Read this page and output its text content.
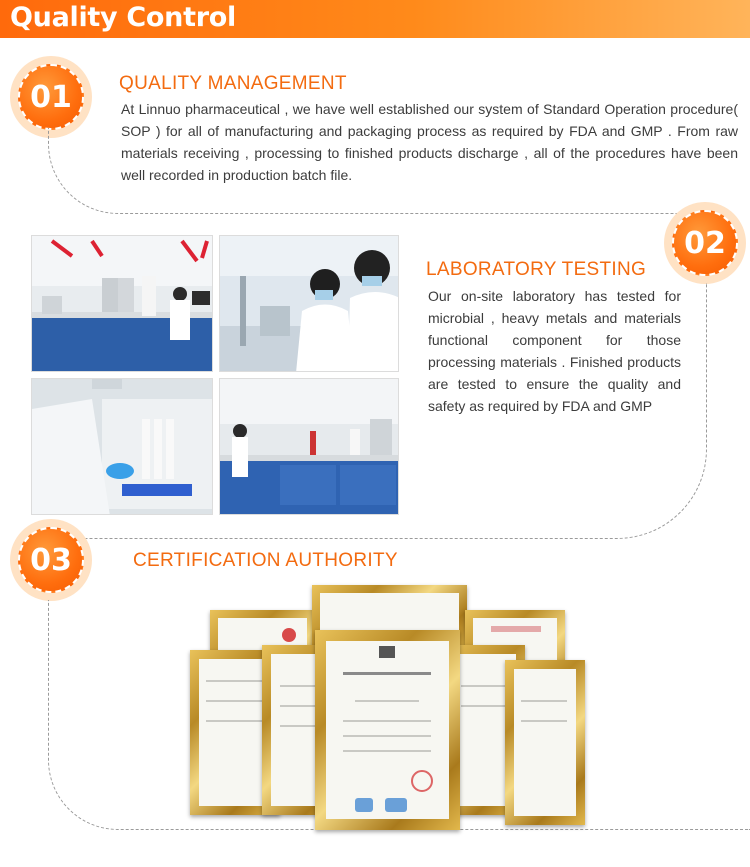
Quality Control
01	QUALITY MANAGEMENT
At Linnuo pharmaceutical , we have well established our system of Standard Operation procedure( SOP ) for all of manufacturing and packaging process as required by FDA and GMP . From raw materials receiving , processing to finished products discharge , all of the procedures have been well recorded in production batch file.
02
LABORATORY TESTING
Our on-site laboratory has tested for microbial , heavy metals and materials functional component for those processing materials . Finished products are tested to ensure the quality and safety as required by FDA and GMP
03	CERTIFICATION AUTHORITY
